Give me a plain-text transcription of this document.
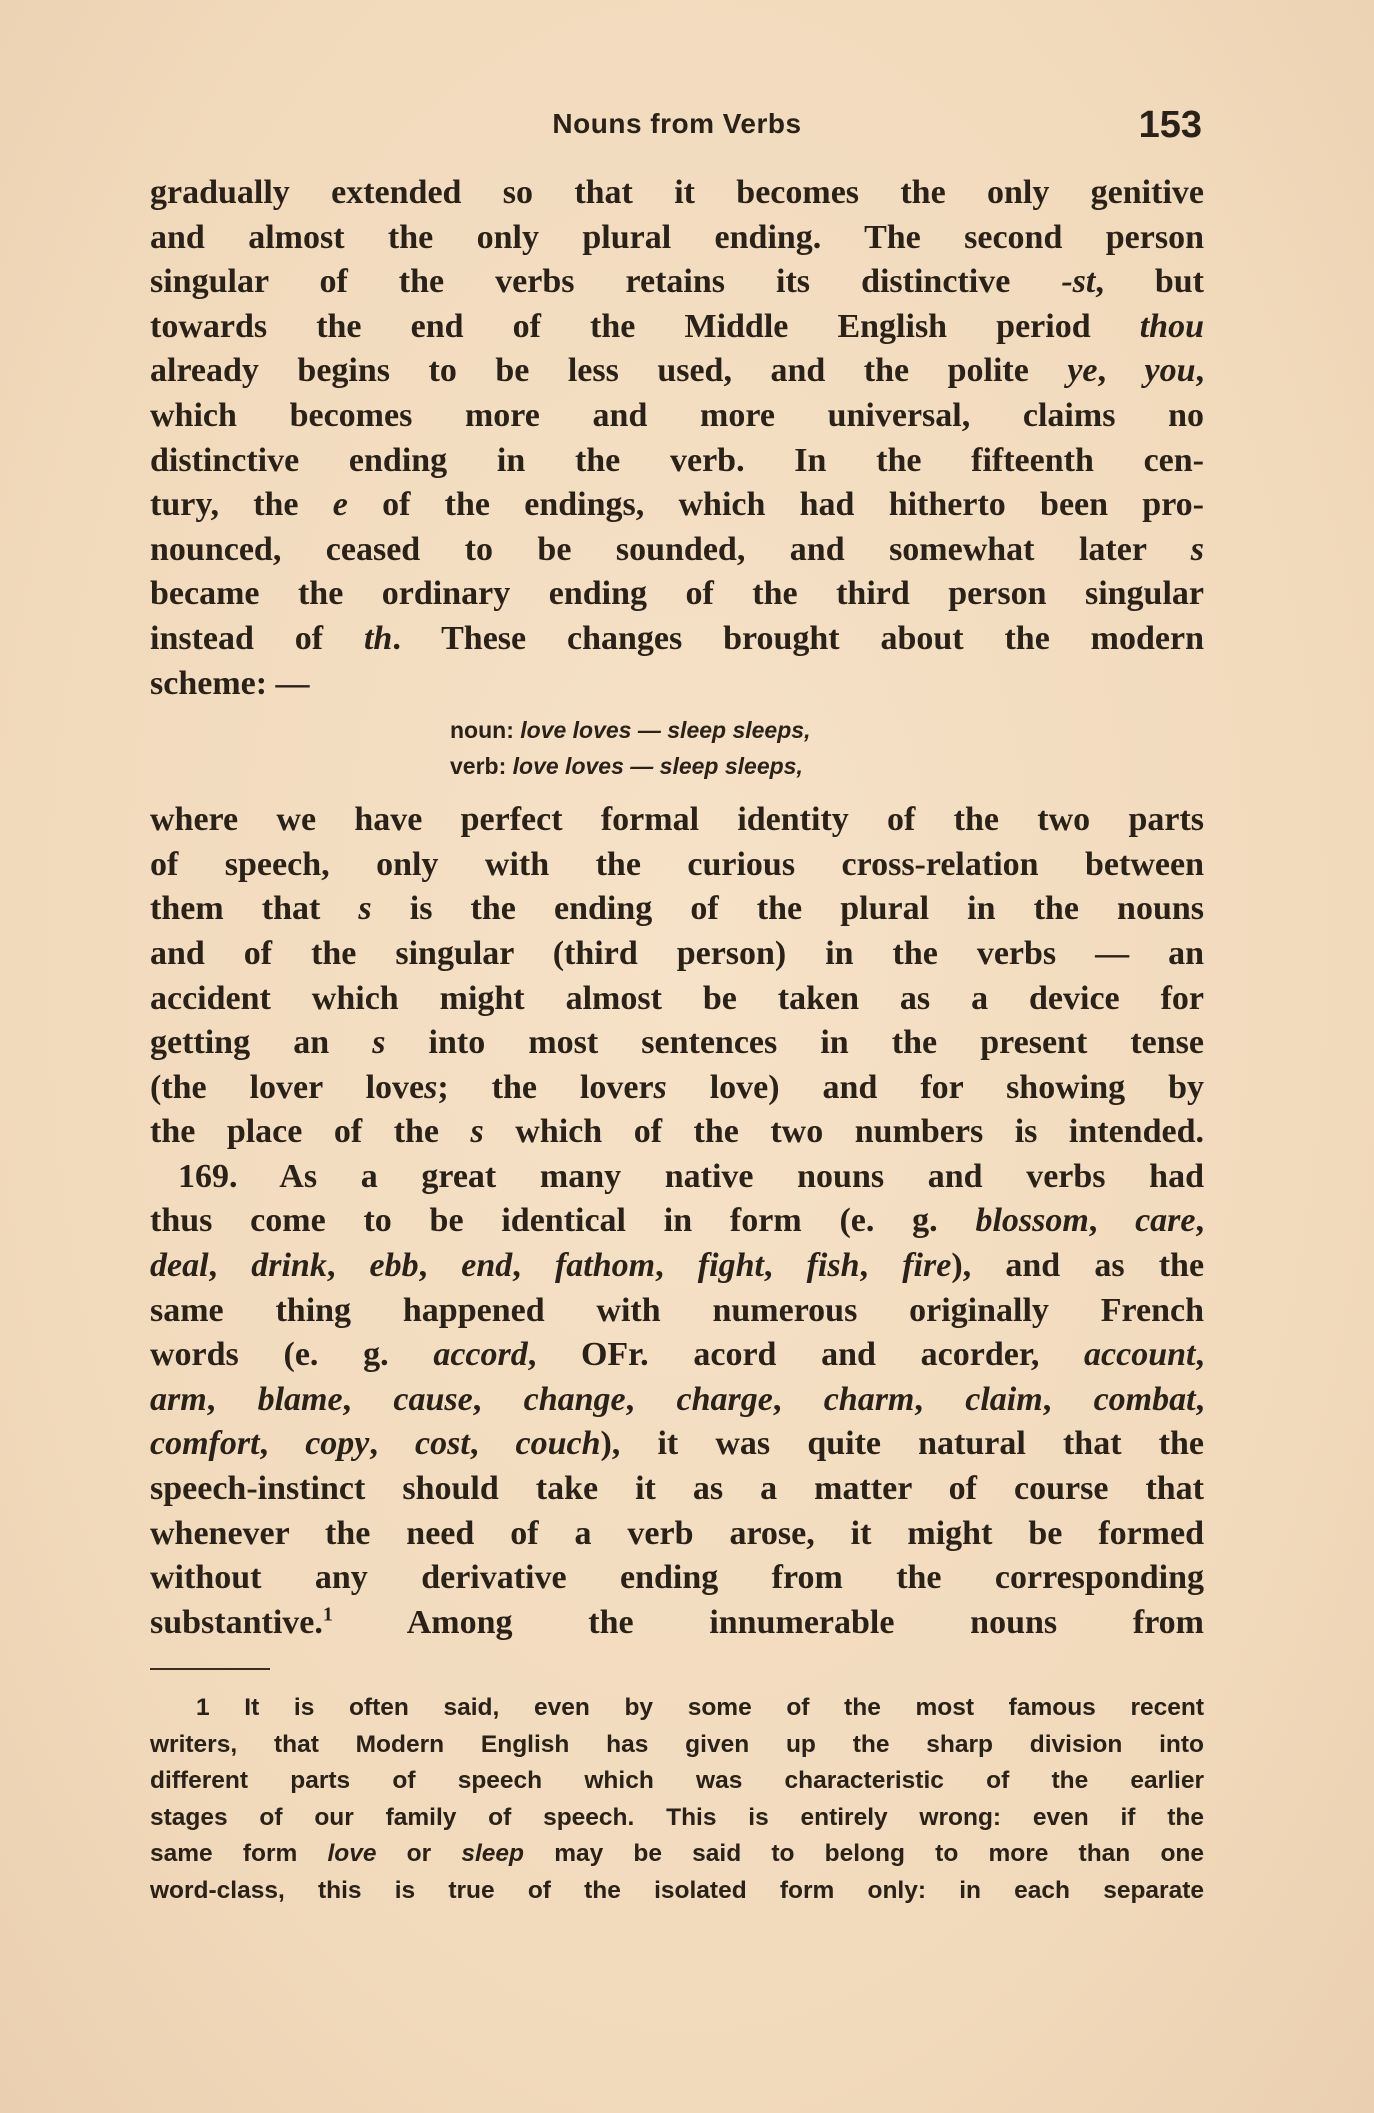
Nouns from Verbs	153
gradually extended so that it becomes the only genitive
and almost the only plural ending. The second person
singular of the verbs retains its distinctive -st, but
towards the end of the Middle English period thou
already begins to be less used, and the polite ye, you,
which becomes more and more universal, claims no
distinctive ending in the verb. In the fifteenth cen-
tury, the e of the endings, which had hitherto been pro-
nounced, ceased to be sounded, and somewhat later s
became the ordinary ending of the third person singular
instead of th. These changes brought about the modern
scheme: —
noun: love loves — sleep sleeps,
verb: love loves — sleep sleeps,
where we have perfect formal identity of the two parts
of speech, only with the curious cross-relation between
them that s is the ending of the plural in the nouns
and of the singular (third person) in the verbs — an
accident which might almost be taken as a device for
getting an s into most sentences in the present tense
(the lover loves; the lovers love) and for showing by
the place of the s which of the two numbers is intended.
169. As a great many native nouns and verbs had
thus come to be identical in form (e. g. blossom, care,
deal, drink, ebb, end, fathom, fight, fish, fire), and as the
same thing happened with numerous originally French
words (e. g. accord, OFr. acord and acorder, account,
arm, blame, cause, change, charge, charm, claim, combat,
comfort, copy, cost, couch), it was quite natural that the
speech-instinct should take it as a matter of course that
whenever the need of a verb arose, it might be formed
without any derivative ending from the corresponding
substantive.$^1$ Among the innumerable nouns from
1 It is often said, even by some of the most famous recent
writers, that Modern English has given up the sharp division into
different parts of speech which was characteristic of the earlier
stages of our family of speech. This is entirely wrong: even if the
same form love or sleep may be said to belong to more than one
word-class, this is true of the isolated form only: in each separate
